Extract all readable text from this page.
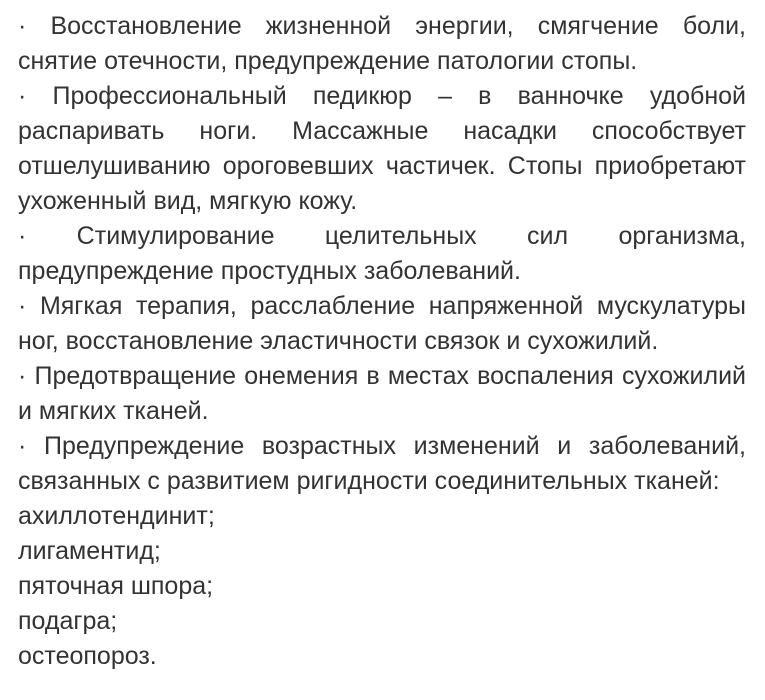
· Восстановление жизненной энергии, смягчение боли, снятие отечности, предупреждение патологии стопы.
· Профессиональный педикюр – в ванночке удобной распаривать ноги. Массажные насадки способствует отшелушиванию ороговевших частичек. Стопы приобретают ухоженный вид, мягкую кожу.
· Стимулирование целительных сил организма, предупреждение простудных заболеваний.
· Мягкая терапия, расслабление напряженной мускулатуры ног, восстановление эластичности связок и сухожилий.
· Предотвращение онемения в местах воспаления сухожилий и мягких тканей.
· Предупреждение возрастных изменений и заболеваний, связанных с развитием ригидности соединительных тканей:
ахиллотендинит;
лигаментид;
пяточная шпора;
подагра;
остеопороз.
